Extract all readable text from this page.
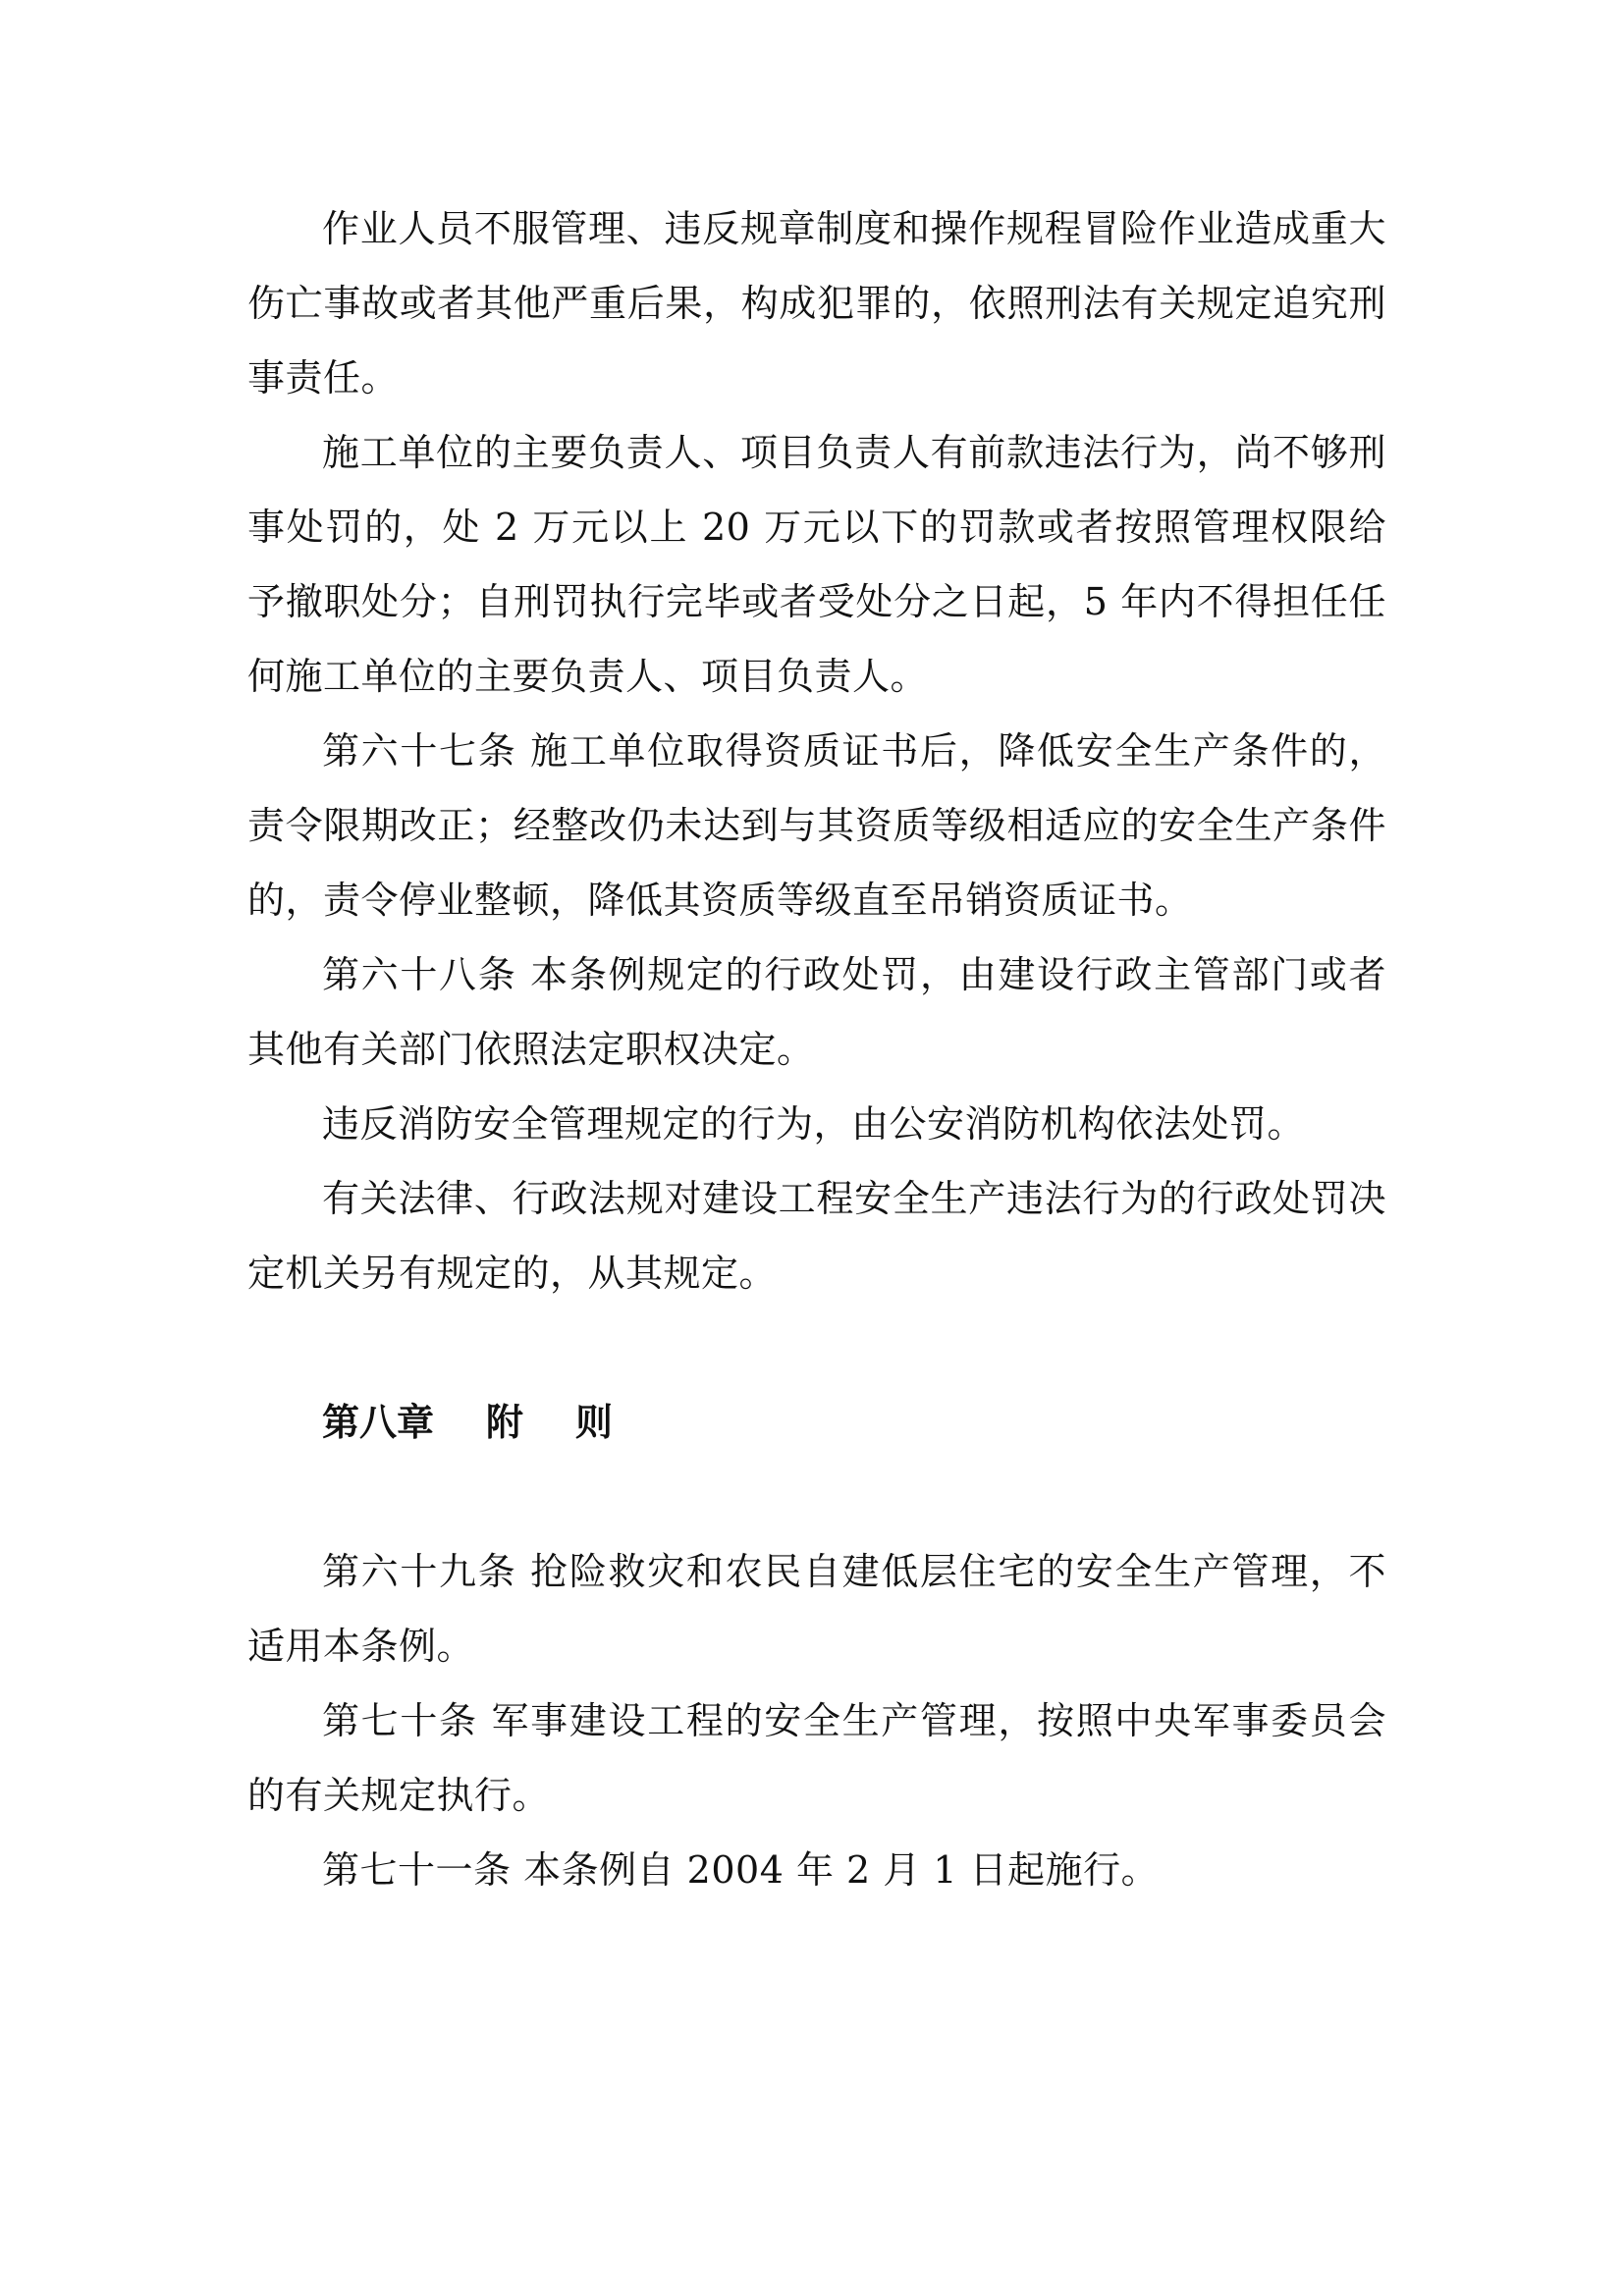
作业人员不服管理、违反规章制度和操作规程冒险作业造成重大伤亡事故或者其他严重后果，构成犯罪的，依照刑法有关规定追究刑事责任。

施工单位的主要负责人、项目负责人有前款违法行为，尚不够刑事处罚的，处 2 万元以上 20 万元以下的罚款或者按照管理权限给予撤职处分；自刑罚执行完毕或者受处分之日起，5 年内不得担任任何施工单位的主要负责人、项目负责人。

第六十七条 施工单位取得资质证书后，降低安全生产条件的，责令限期改正；经整改仍未达到与其资质等级相适应的安全生产条件的，责令停业整顿，降低其资质等级直至吊销资质证书。

第六十八条 本条例规定的行政处罚，由建设行政主管部门或者其他有关部门依照法定职权决定。

违反消防安全管理规定的行为，由公安消防机构依法处罚。

有关法律、行政法规对建设工程安全生产违法行为的行政处罚决定机关另有规定的，从其规定。

第八章    附    则

第六十九条 抢险救灾和农民自建低层住宅的安全生产管理，不适用本条例。

第七十条 军事建设工程的安全生产管理，按照中央军事委员会的有关规定执行。

第七十一条 本条例自 2004 年 2 月 1 日起施行。
